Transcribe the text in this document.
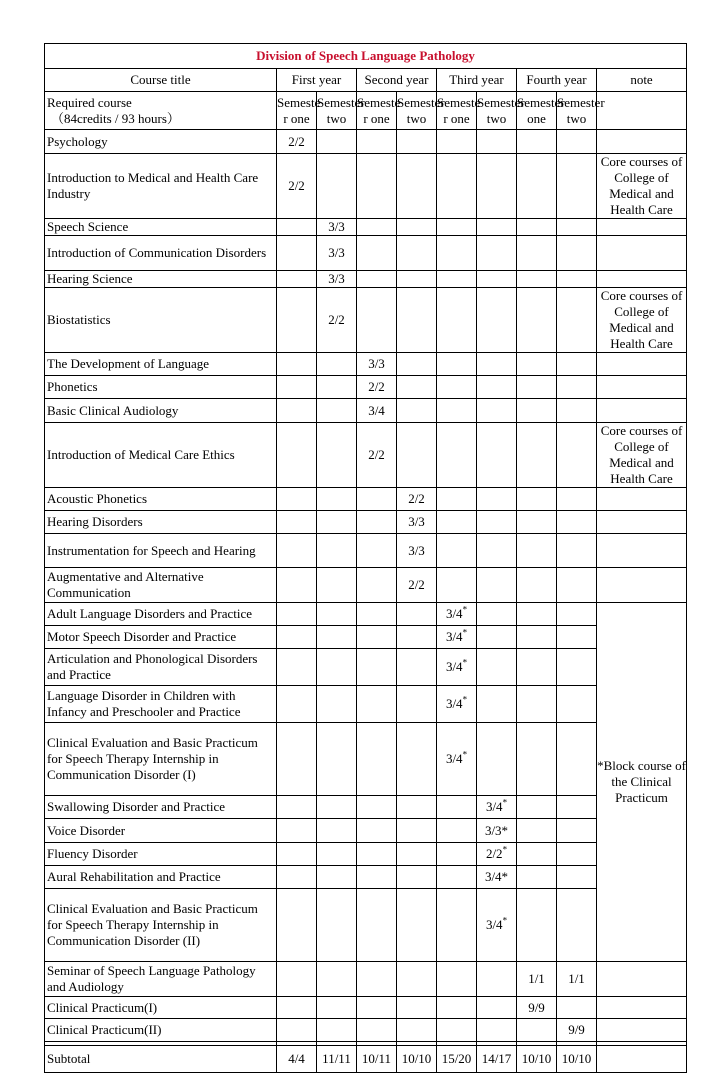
Division of Speech Language Pathology									
Course title	First year		Second year		Third year		Fourth year		note

Required course
（84credits / 93 hours）	Semeste r one	Semester two	Semeste r one	Semester two	Semeste r one	Semester two	Semester one	Semester two	
Psychology	2/2								
Introduction to Medical and Health Care Industry	2/2								Core courses of College of Medical and Health Care
Speech Science		3/3							
Introduction of Communication Disorders		3/3							
Hearing Science		3/3							
Biostatistics		2/2							Core courses of College of Medical and Health Care
The Development of Language			3/3						
Phonetics			2/2						
Basic Clinical Audiology			3/4						
Introduction of Medical Care Ethics			2/2						Core courses of College of Medical and Health Care
Acoustic Phonetics				2/2					
Hearing Disorders				3/3					
Instrumentation for Speech and Hearing				3/3					
Augmentative and Alternative Communication				2/2					
Adult Language Disorders and Practice					3/4*				*Block course of the Clinical Practicum
Motor Speech Disorder and Practice					3/4*			
Articulation and Phonological Disorders and Practice					3/4*			
Language Disorder in Children with Infancy and Preschooler and Practice					3/4*			
Clinical Evaluation and Basic Practicum for Speech Therapy Internship in Communication Disorder (I)					3/4*			
Swallowing Disorder and Practice						3/4*		
Voice Disorder						3/3*			
Fluency Disorder						2/2*		
Aural Rehabilitation and Practice						3/4*			
Clinical Evaluation and Basic Practicum for Speech Therapy Internship in Communication Disorder (II)						3/4*		
Seminar of Speech Language Pathology and Audiology							1/1	1/1	
Clinical Practicum(I)							9/9		
Clinical Practicum(II)								9/9	

Subtotal	4/4	11/11	10/11	10/10	15/20	14/17	10/10	10/10	
